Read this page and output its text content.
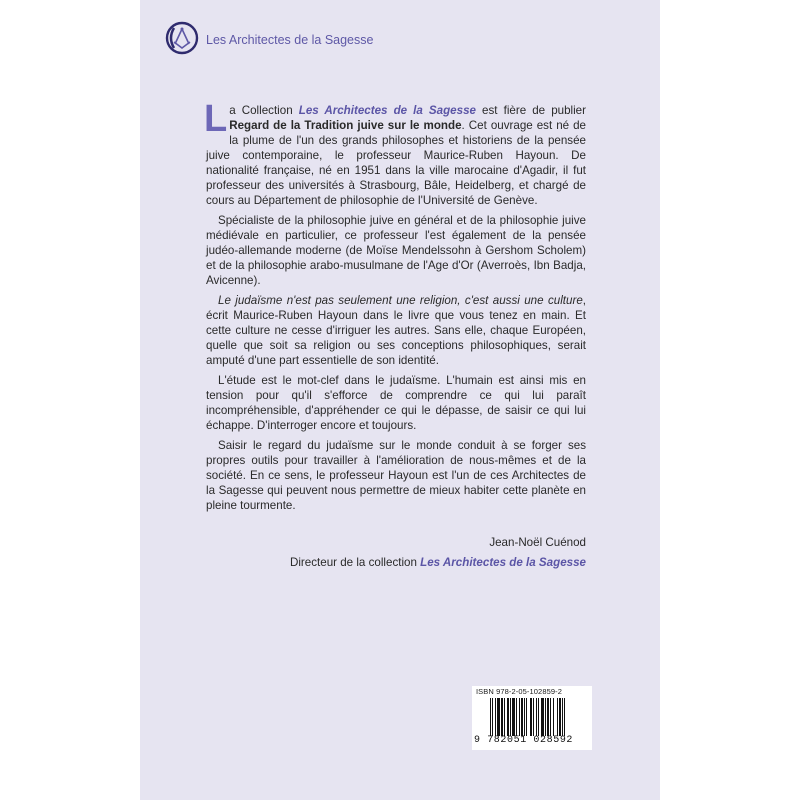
Les Architectes de la Sagesse

La Collection Les Architectes de la Sagesse est fière de publier Regard de la Tradition juive sur le monde. Cet ouvrage est né de la plume de l'un des grands philosophes et historiens de la pensée juive contemporaine, le professeur Maurice-Ruben Hayoun. De nationalité française, né en 1951 dans la ville marocaine d'Agadir, il fut professeur des universités à Strasbourg, Bâle, Heidelberg, et chargé de cours au Département de philosophie de l'Université de Genève.

Spécialiste de la philosophie juive en général et de la philosophie juive médiévale en particulier, ce professeur l'est également de la pensée judéo-allemande moderne (de Moïse Mendelssohn à Gershom Scholem) et de la philosophie arabo-musulmane de l'Age d'Or (Averroès, Ibn Badja, Avicenne).

Le judaïsme n'est pas seulement une religion, c'est aussi une culture, écrit Maurice-Ruben Hayoun dans le livre que vous tenez en main. Et cette culture ne cesse d'irriguer les autres. Sans elle, chaque Européen, quelle que soit sa religion ou ses conceptions philosophiques, serait amputé d'une part essentielle de son identité.

L'étude est le mot-clef dans le judaïsme. L'humain est ainsi mis en tension pour qu'il s'efforce de comprendre ce qui lui paraît incompréhensible, d'appréhender ce qui le dépasse, de saisir ce qui lui échappe. D'interroger encore et toujours.

Saisir le regard du judaïsme sur le monde conduit à se forger ses propres outils pour travailler à l'amélioration de nous-mêmes et de la société. En ce sens, le professeur Hayoun est l'un de ces Architectes de la Sagesse qui peuvent nous permettre de mieux habiter cette planète en pleine tourmente.

Jean-Noël Cuénod
Directeur de la collection Les Architectes de la Sagesse
ISBN 978-2-05-102859-2
9 782051 028592
